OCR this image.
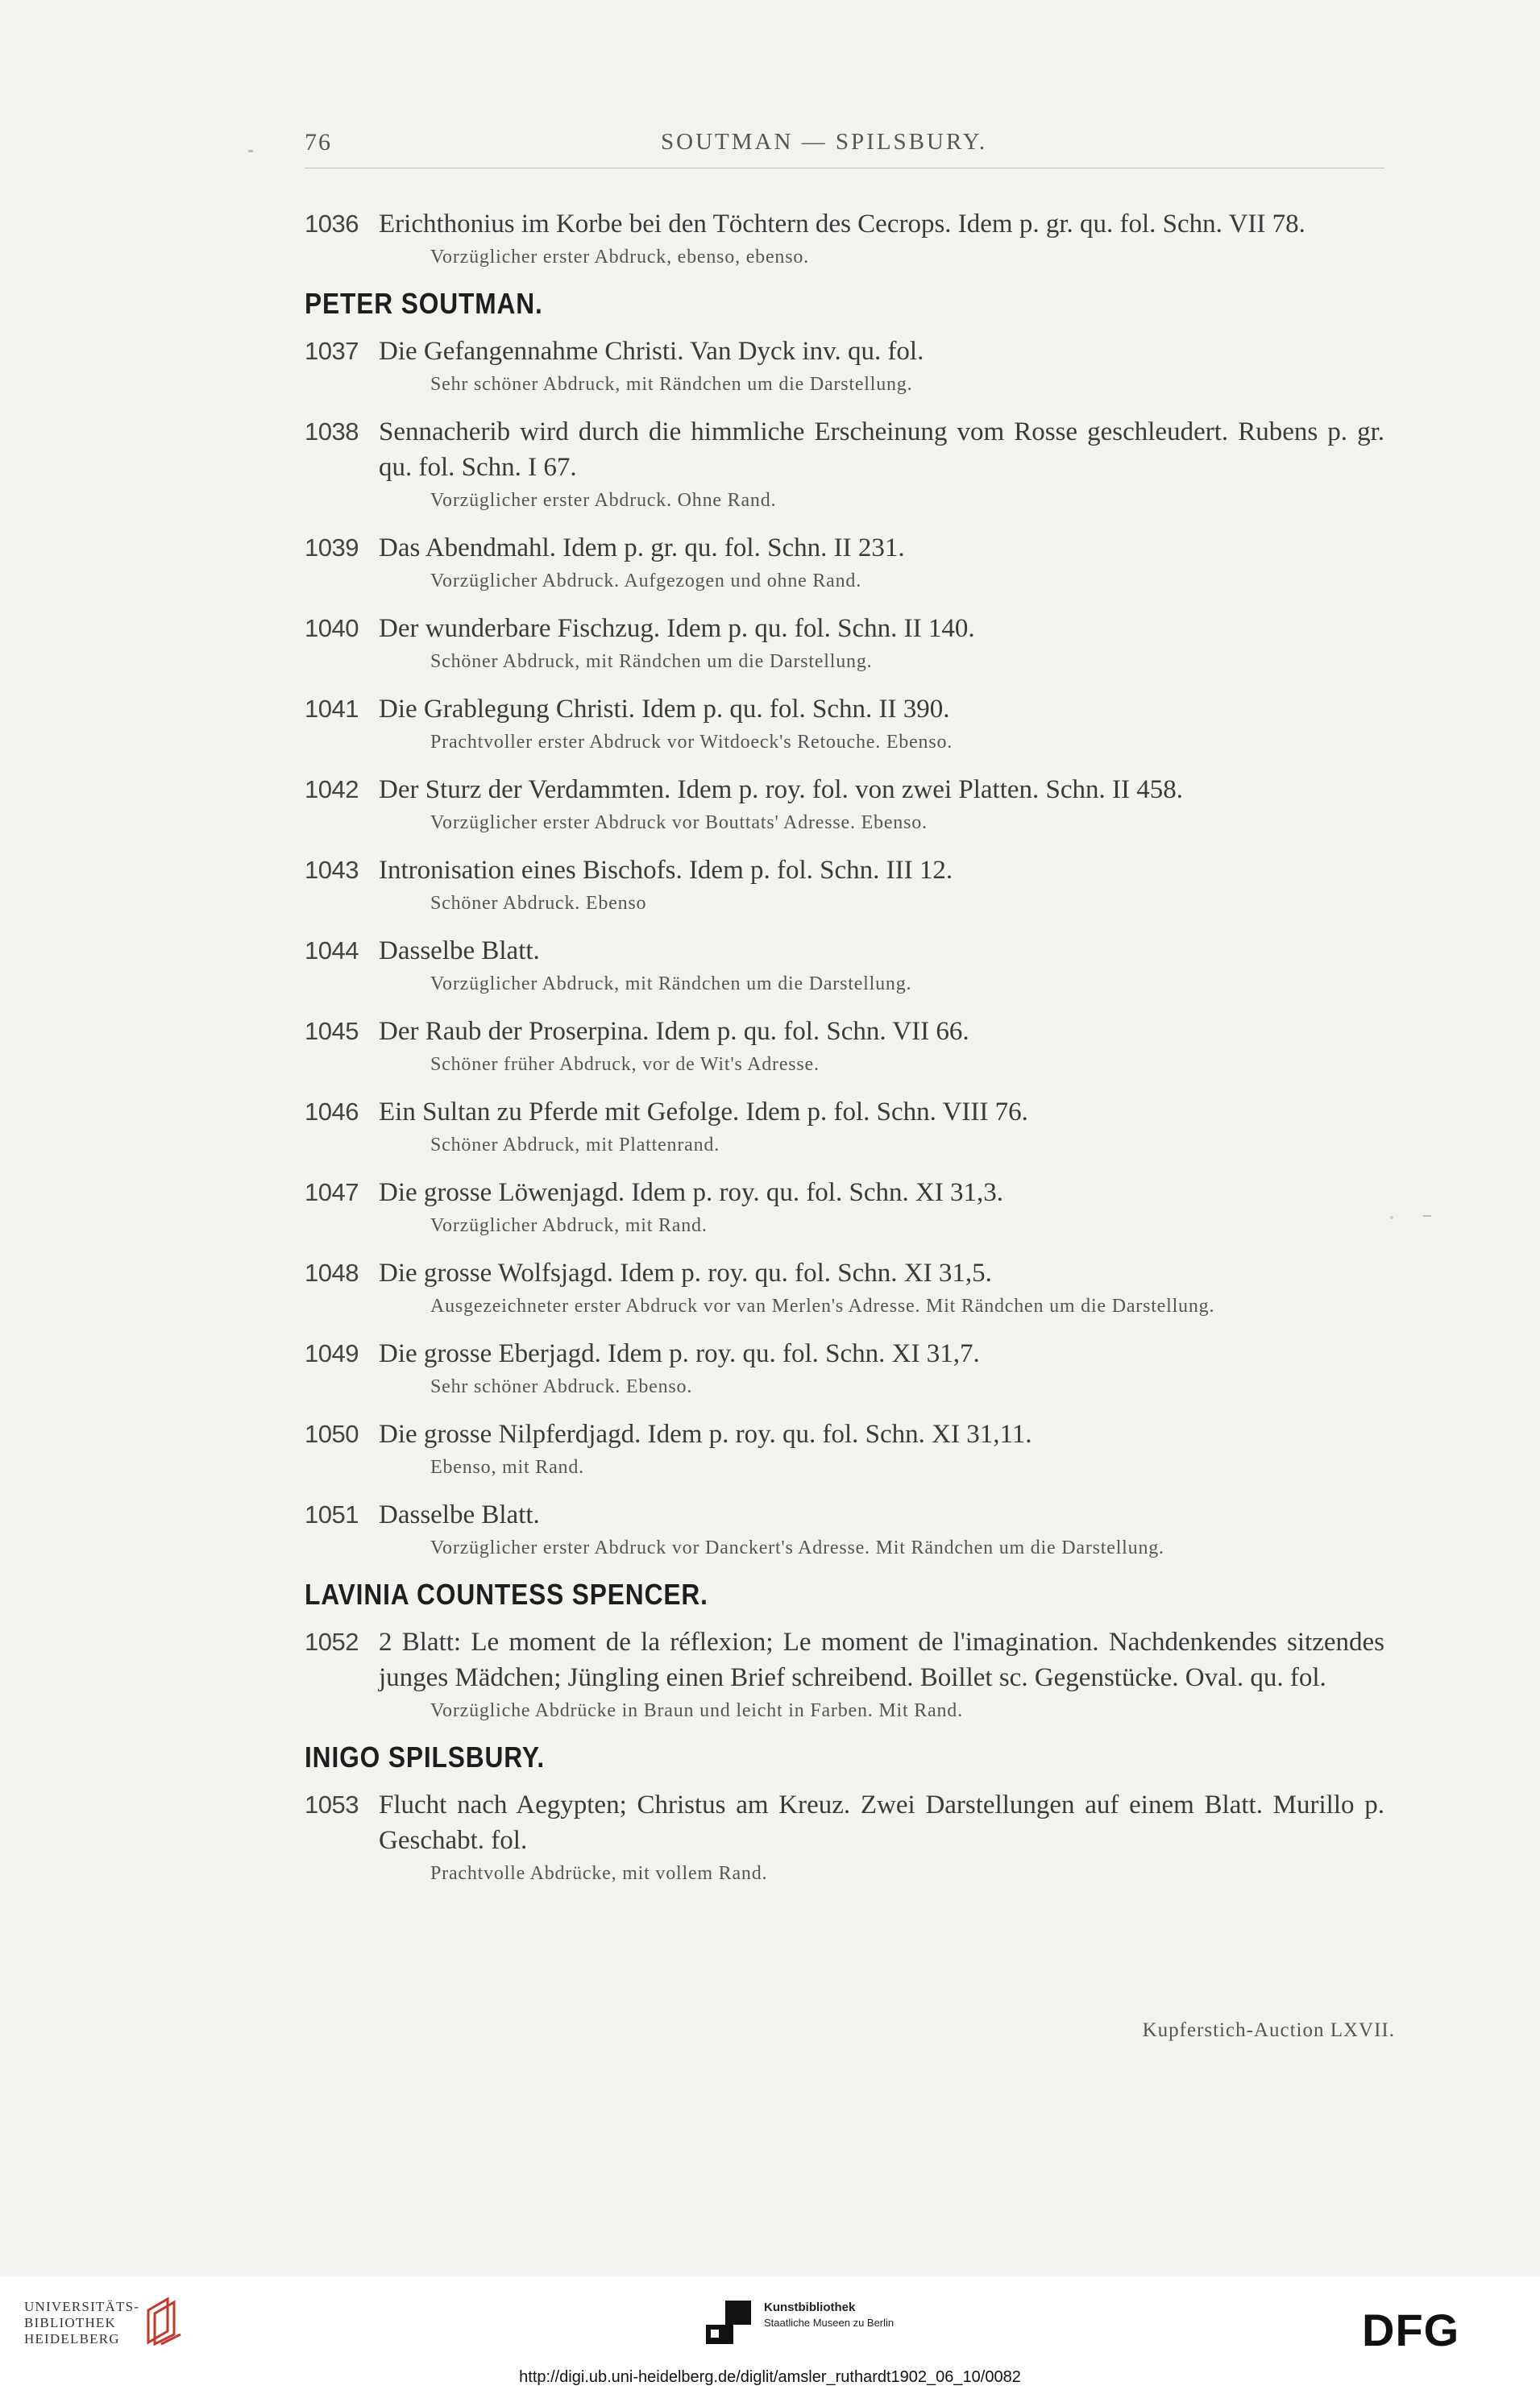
76	SOUTMAN — SPILSBURY.
1036 Erichthonius im Korbe bei den Töchtern des Cecrops. Idem p. gr. qu. fol. Schn. VII 78.
Vorzüglicher erster Abdruck, ebenso, ebenso.
PETER SOUTMAN.
1037 Die Gefangennahme Christi. Van Dyck inv. qu. fol.
Sehr schöner Abdruck, mit Rändchen um die Darstellung.
1038 Sennacherib wird durch die himmliche Erscheinung vom Rosse geschleudert. Rubens p. gr. qu. fol. Schn. I 67.
Vorzüglicher erster Abdruck. Ohne Rand.
1039 Das Abendmahl. Idem p. gr. qu. fol. Schn. II 231.
Vorzüglicher Abdruck. Aufgezogen und ohne Rand.
1040 Der wunderbare Fischzug. Idem p. qu. fol. Schn. II 140.
Schöner Abdruck, mit Rändchen um die Darstellung.
1041 Die Grablegung Christi. Idem p. qu. fol. Schn. II 390.
Prachtvoller erster Abdruck vor Witdoeck's Retouche. Ebenso.
1042 Der Sturz der Verdammten. Idem p. roy. fol. von zwei Platten. Schn. II 458.
Vorzüglicher erster Abdruck vor Bouttats' Adresse. Ebenso.
1043 Intronisation eines Bischofs. Idem p. fol. Schn. III 12.
Schöner Abdruck. Ebenso
1044 Dasselbe Blatt.
Vorzüglicher Abdruck, mit Rändchen um die Darstellung.
1045 Der Raub der Proserpina. Idem p. qu. fol. Schn. VII 66.
Schöner früher Abdruck, vor de Wit's Adresse.
1046 Ein Sultan zu Pferde mit Gefolge. Idem p. fol. Schn. VIII 76.
Schöner Abdruck, mit Plattenrand.
1047 Die grosse Löwenjagd. Idem p. roy. qu. fol. Schn. XI 31,3.
Vorzüglicher Abdruck, mit Rand.
1048 Die grosse Wolfsjagd. Idem p. roy. qu. fol. Schn. XI 31,5.
Ausgezeichneter erster Abdruck vor van Merlen's Adresse. Mit Rändchen um die Darstellung.
1049 Die grosse Eberjagd. Idem p. roy. qu. fol. Schn. XI 31,7.
Sehr schöner Abdruck. Ebenso.
1050 Die grosse Nilpferdjagd. Idem p. roy. qu. fol. Schn. XI 31,11.
Ebenso, mit Rand.
1051 Dasselbe Blatt.
Vorzüglicher erster Abdruck vor Danckert's Adresse. Mit Rändchen um die Darstellung.
LAVINIA COUNTESS SPENCER.
1052 2 Blatt: Le moment de la réflexion; Le moment de l'imagination. Nachdenkendes sitzendes junges Mädchen; Jüngling einen Brief schreibend. Boillet sc. Gegenstücke. Oval. qu. fol.
Vorzügliche Abdrücke in Braun und leicht in Farben. Mit Rand.
INIGO SPILSBURY.
1053 Flucht nach Aegypten; Christus am Kreuz. Zwei Darstellungen auf einem Blatt. Murillo p. Geschabt. fol.
Prachtvolle Abdrücke, mit vollem Rand.
Kupferstich-Auction LXVII.
UNIVERSITÄTS-
BIBLIOTHEK
HEIDELBERG
Kunstbibliothek
Staatliche Museen zu Berlin	DFG
http://digi.ub.uni-heidelberg.de/diglit/amsler_ruthardt1902_06_10/0082
